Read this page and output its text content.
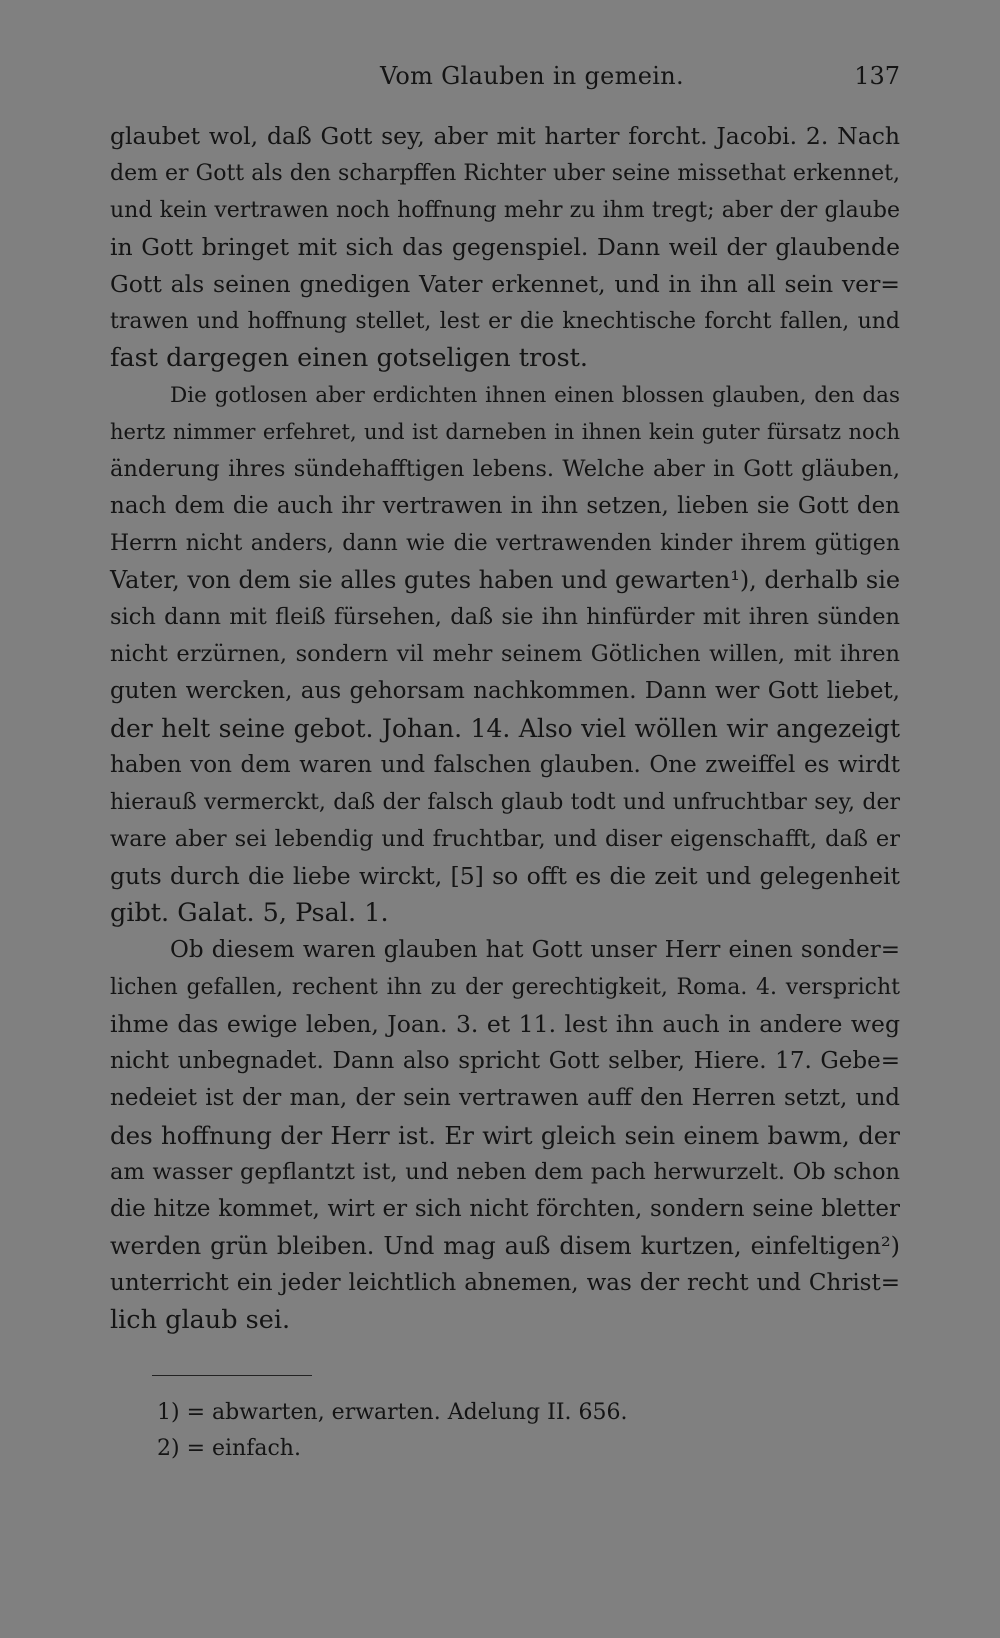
Vom Glauben in gemein.	137
glaubet wol, daß Gott sey, aber mit harter forcht. Jacobi. 2. Nach
dem er Gott als den scharpffen Richter uber seine missethat erkennet,
und kein vertrawen noch hoffnung mehr zu ihm tregt; aber der glaube
in Gott bringet mit sich das gegenspiel. Dann weil der glaubende
Gott als seinen gnedigen Vater erkennet, und in ihn all sein ver=
trawen und hoffnung stellet, lest er die knechtische forcht fallen, und
fast dargegen einen gotseligen trost.
Die gotlosen aber erdichten ihnen einen blossen glauben, den das
hertz nimmer erfehret, und ist darneben in ihnen kein guter fürsatz noch
änderung ihres sündehafftigen lebens. Welche aber in Gott gläuben,
nach dem die auch ihr vertrawen in ihn setzen, lieben sie Gott den
Herrn nicht anders, dann wie die vertrawenden kinder ihrem gütigen
Vater, von dem sie alles gutes haben und gewarten¹), derhalb sie
sich dann mit fleiß fürsehen, daß sie ihn hinfürder mit ihren sünden
nicht erzürnen, sondern vil mehr seinem Götlichen willen, mit ihren
guten wercken, aus gehorsam nachkommen. Dann wer Gott liebet,
der helt seine gebot. Johan. 14. Also viel wöllen wir angezeigt
haben von dem waren und falschen glauben. One zweiffel es wirdt
hierauß vermerckt, daß der falsch glaub todt und unfruchtbar sey, der
ware aber sei lebendig und fruchtbar, und diser eigenschafft, daß er
guts durch die liebe wirckt, [5] so offt es die zeit und gelegenheit
gibt. Galat. 5, Psal. 1.
Ob diesem waren glauben hat Gott unser Herr einen sonder=
lichen gefallen, rechent ihn zu der gerechtigkeit, Roma. 4. verspricht
ihme das ewige leben, Joan. 3. et 11. lest ihn auch in andere weg
nicht unbegnadet. Dann also spricht Gott selber, Hiere. 17. Gebe=
nedeiet ist der man, der sein vertrawen auff den Herren setzt, und
des hoffnung der Herr ist. Er wirt gleich sein einem bawm, der
am wasser gepflantzt ist, und neben dem pach herwurzelt. Ob schon
die hitze kommet, wirt er sich nicht förchten, sondern seine bletter
werden grün bleiben. Und mag auß disem kurtzen, einfeltigen²)
unterricht ein jeder leichtlich abnemen, was der recht und Christ=
lich glaub sei.
1) = abwarten, erwarten. Adelung II. 656.
2) = einfach.
